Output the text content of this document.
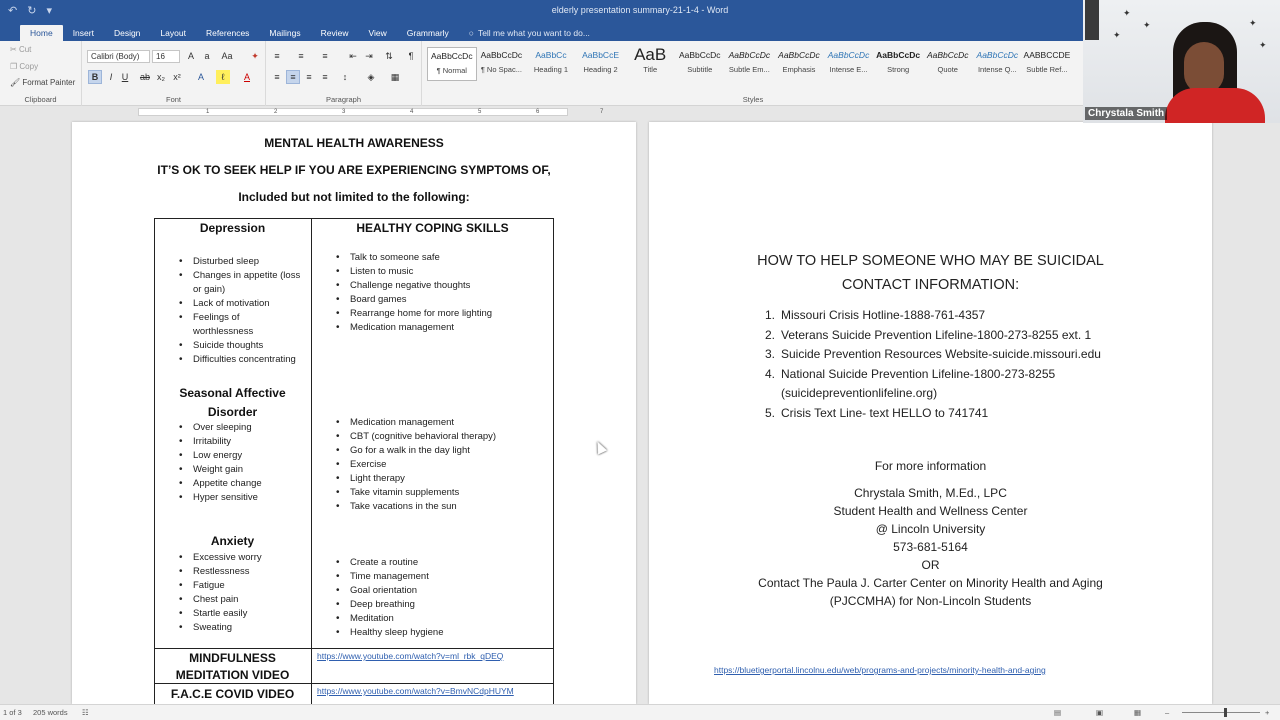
↶ ↻ ▾	elderly presentation summary-21-1-4 - Word
Home	Insert	Design	Layout	References	Mailings	Review	View	Grammarly	○ Tell me what you want to do...
✂ Cut
❐ Copy
🖌 Format Painter
Clipboard
Calibri (Body)	16	A	a	Aa	✦
B	I	U	ab x₂ x²	A	ℓ	A
Font
≡	≡	≡	⇤ ⇥	⇅	¶
≡	≡	≡	≡	↕	◈	▦
Paragraph	Styles
AaBbCcDc
¶ Normal
AaBbCcDc
¶ No Spac...
AaBbCc
Heading 1
AaBbCcE
Heading 2
AaB
Title
AaBbCcDc
Subtitle
AaBbCcDc
Subtle Em...
AaBbCcDc
Emphasis
AaBbCcDc
Intense E...
AaBbCcDc
Strong
AaBbCcDc
Quote
AaBbCcDc
Intense Q...
AABBCCDE
Subtle Ref...
1	2	3	4	5	6	7
MENTAL HEALTH AWARENESS
IT’S OK TO SEEK HELP IF YOU ARE EXPERIENCING SYMPTOMS OF,
Included but not limited to the following:
Depression	HEALTHY COPING SKILLS
• Disturbed sleep
• Changes in appetite (loss
or gain)
• Lack of motivation
• Feelings of
worthlessness
• Suicide thoughts
• Difficulties concentrating
• Talk to someone safe
• Listen to music
• Challenge negative thoughts
• Board games
• Rearrange home for more lighting
• Medication management
Seasonal Affective
Disorder
• Over sleeping
• Irritability
• Low energy
• Weight gain
• Appetite change
• Hyper sensitive
• Medication management
• CBT (cognitive behavioral therapy)
• Go for a walk in the day light
• Exercise
• Light therapy
• Take vitamin supplements
• Take vacations in the sun
Anxiety
• Excessive worry
• Restlessness
• Fatigue
• Chest pain
• Startle easily
• Sweating
• Create a routine
• Time management
• Goal orientation
• Deep breathing
• Meditation
• Healthy sleep hygiene
MINDFULNESS
MEDITATION VIDEO
https://www.youtube.com/watch?v=ml_rbk_qDEQ
F.A.C.E COVID VIDEO	https://www.youtube.com/watch?v=BmvNCdpHUYM
HOW TO HELP SOMEONE WHO MAY BE SUICIDAL
CONTACT INFORMATION:
1. Missouri Crisis Hotline-1888-761-4357
2. Veterans Suicide Prevention Lifeline-1800-273-8255 ext. 1
3. Suicide Prevention Resources Website-suicide.missouri.edu
4. National Suicide Prevention Lifeline-1800-273-8255
(suicidepreventionlifeline.org)
5. Crisis Text Line- text HELLO to 741741
For more information
Chrystala Smith, M.Ed., LPC
Student Health and Wellness Center
@ Lincoln University
573-681-5164
OR
Contact The Paula J. Carter Center on Minority Health and Aging
(PJCCMHA) for Non-Lincoln Students
https://bluetigerportal.lincolnu.edu/web/programs-and-projects/minority-health-and-aging
✦
✦
✦
✦
✦
Chrystala Smith
1 of 3 205 words ☷	▤	▣	▦	–	+
